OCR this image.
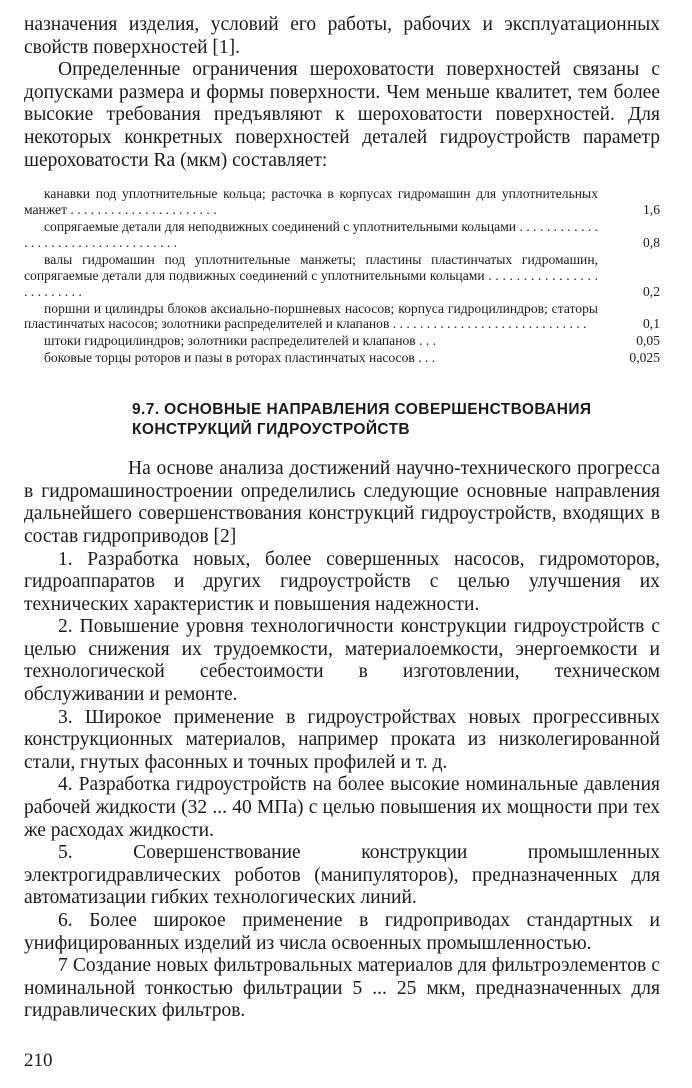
назначения изделия, условий его работы, рабочих и эксплуатационных свойств поверхностей [1].

Определенные ограничения шероховатости поверхностей связаны с допусками размера и формы поверхности. Чем меньше квалитет, тем более высокие требования предъявляют к шероховатости поверхностей. Для некоторых конкретных поверхностей деталей гидроустройств параметр шероховатости Ra (мкм) составляет:

канавки под уплотнительные кольца; расточка в корпусах гидромашин для уплотнительных манжет . . . . . . . . . . . . . . . . . . . . . .	1,6
сопрягаемые детали для неподвижных соединений с уплотнительными кольцами . . . . . . . . . . . . . . . . . . . . . . . . . . . . . . . . . . .	0,8
валы гидромашин под уплотнительные манжеты; пластины пластинчатых гидромашин, сопрягаемые детали для подвижных соединений с уплотнительными кольцами . . . . . . . . . . . . . . . . . . . . . . . . .	0,2
поршни и цилиндры блоков аксиально-поршневых насосов; корпуса гидроцилиндров; статоры пластинчатых насосов; золотники распределителей и клапанов . . . . . . . . . . . . . . . . . . . . . . . . . . . . .	0,1
штоки гидроцилиндров; золотники распределителей и клапанов . . .	0,05
боковые торцы роторов и пазы в роторах пластинчатых насосов . . .	0,025
9.7. ОСНОВНЫЕ НАПРАВЛЕНИЯ СОВЕРШЕНСТВОВАНИЯ
КОНСТРУКЦИЙ ГИДРОУСТРОЙСТВ

На основе анализа достижений научно-технического прогресса в гидромашиностроении определились следующие основные направления дальнейшего совершенствования конструкций гидроустройств, входящих в состав гидроприводов [2]

1. Разработка новых, более совершенных насосов, гидромоторов, гидроаппаратов и других гидроустройств с целью улучшения их технических характеристик и повышения надежности.

2. Повышение уровня технологичности конструкции гидроустройств с целью снижения их трудоемкости, материалоемкости, энергоемкости и технологической себестоимости в изготовлении, техническом обслуживании и ремонте.

3. Широкое применение в гидроустройствах новых прогрессивных конструкционных материалов, например проката из низколегированной стали, гнутых фасонных и точных профилей и т. д.

4. Разработка гидроустройств на более высокие номинальные давления рабочей жидкости (32 ... 40 МПа) с целью повышения их мощности при тех же расходах жидкости.

5. Совершенствование конструкции промышленных электрогидравлических роботов (манипуляторов), предназначенных для автоматизации гибких технологических линий.

6. Более широкое применение в гидроприводах стандартных и унифицированных изделий из числа освоенных промышленностью.

7 Создание новых фильтровальных материалов для фильтроэлементов с номинальной тонкостью фильтрации 5 ... 25 мкм, предназначенных для гидравлических фильтров.

210
